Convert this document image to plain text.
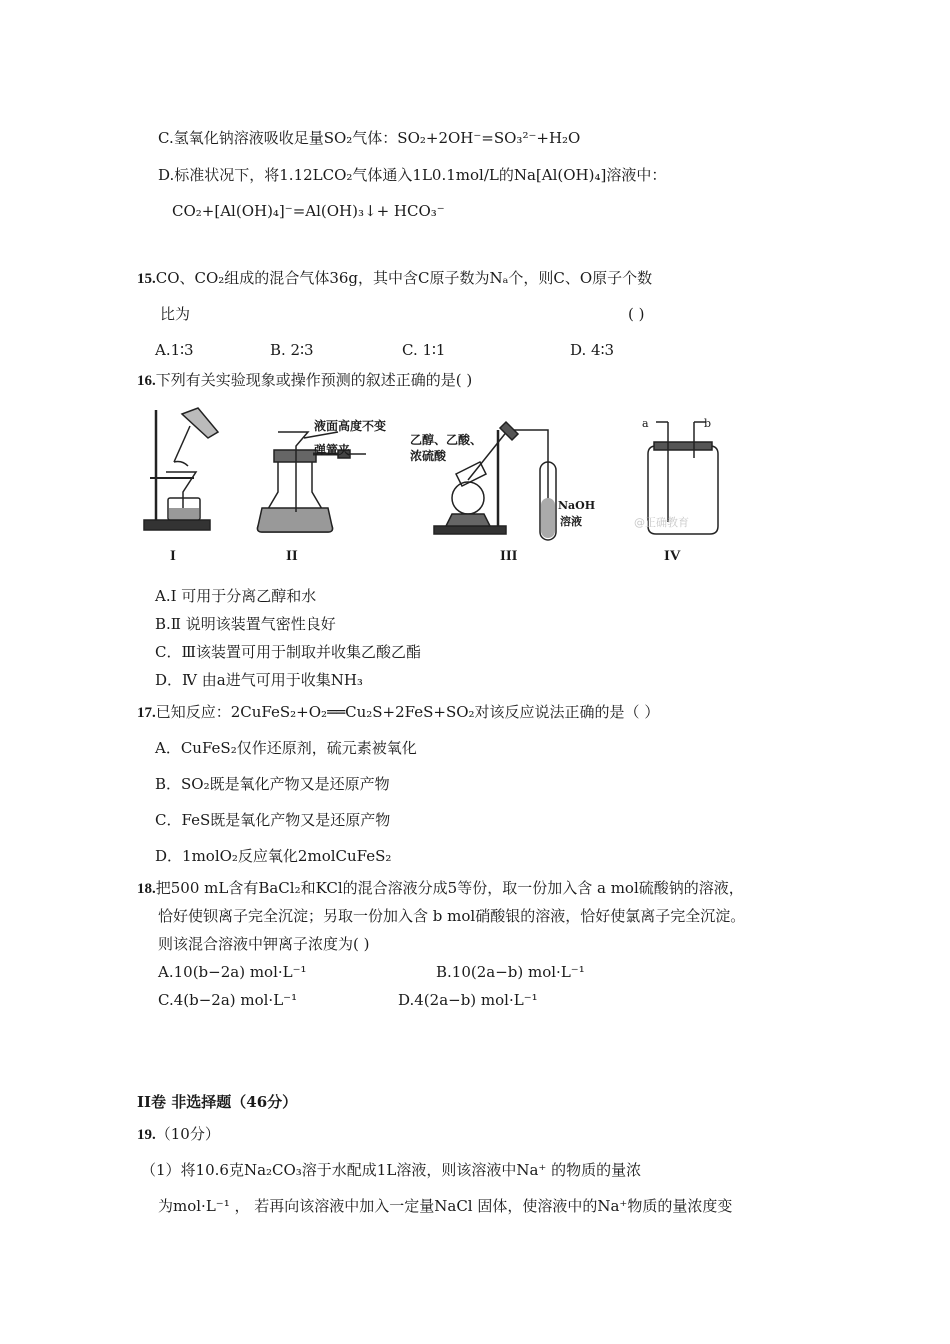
C.氢氧化钠溶液吸收足量SO₂气体：SO₂+2OH⁻=SO₃²⁻+H₂O
D.标准状况下，将1.12LCO₂气体通入1L0.1mol/L的Na[Al(OH)₄]溶液中：
CO₂+[Al(OH)₄]⁻=Al(OH)₃↓+ HCO₃⁻
15.CO、CO₂组成的混合气体36g，其中含C原子数为Nₐ个，则C、O原子个数
比为	( )
A.1∶3	B. 2∶3	C. 1∶1	D. 4∶3
16.下列有关实验现象或操作预测的叙述正确的是( )
I	II	III	IV
液面高度不变
弹簧夹
乙醇、乙酸、
浓硫酸
NaOH
溶液
a	b
@正确教育
A.Ⅰ 可用于分离乙醇和水
B.Ⅱ 说明该装置气密性良好
C．Ⅲ该装置可用于制取并收集乙酸乙酯
D．Ⅳ 由a进气可用于收集NH₃
17.已知反应：2CuFeS₂+O₂══Cu₂S+2FeS+SO₂对该反应说法正确的是（ ）
A．CuFeS₂仅作还原剂，硫元素被氧化
B．SO₂既是氧化产物又是还原产物
C．FeS既是氧化产物又是还原产物
D．1molO₂反应氧化2molCuFeS₂
18.把500 mL含有BaCl₂和KCl的混合溶液分成5等份，取一份加入含 a mol硫酸钠的溶液，
恰好使钡离子完全沉淀；另取一份加入含 b mol硝酸银的溶液，恰好使氯离子完全沉淀。
则该混合溶液中钾离子浓度为( )
A.10(b−2a) mol·L⁻¹	B.10(2a−b) mol·L⁻¹
C.4(b−2a) mol·L⁻¹	D.4(2a−b) mol·L⁻¹
II卷 非选择题（46分）
19.（10分）
（1）将10.6克Na₂CO₃溶于水配成1L溶液，则该溶液中Na⁺ 的物质的量浓
为mol·L⁻¹ ， 若再向该溶液中加入一定量NaCl 固体，使溶液中的Na⁺物质的量浓度变
